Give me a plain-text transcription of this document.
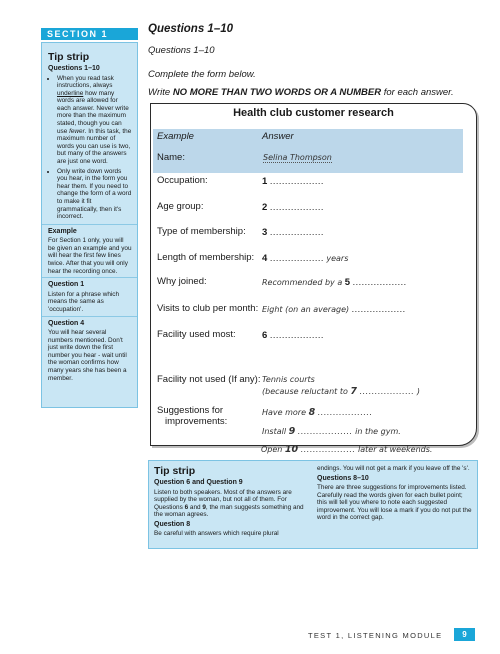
SECTION 1
Tip strip
Questions 1–10
• When you read task instructions, always underline how many words are allowed for each answer. Never write more than the maximum stated, though you can use fewer. In this task, the maximum number of words you can use is two, but many of the answers are just one word.
• Only write down words you hear, in the form you hear them. If you need to change the form of a word to make it fit grammatically, then it's incorrect.
Example
For Section 1 only, you will be given an example and you will hear the first few lines twice. After that you will only hear the recording once.
Question 1
Listen for a phrase which means the same as 'occupation'.
Question 4
You will hear several numbers mentioned. Don't just write down the first number you hear - wait until the woman confirms how many years she has been a member.
Questions 1–10
Questions 1–10
Complete the form below.
Write NO MORE THAN TWO WORDS OR A NUMBER for each answer.
Health club customer research
Example	Answer
Name:	Selina Thompson
Occupation:	1 ..................
Age group:	2 ..................
Type of membership: 3 ..................
Length of membership: 4 .................. years
Why joined:	Recommended by a 5 ..................
Visits to club per month: Eight (on an average) ..................
Facility used most:	6 ..................
Facility not used (If any): Tennis courts
(because reluctant to 7 .................. )
Suggestions for
improvements:
Have more 8 ..................
Install 9 .................. in the gym.
Open 10 .................. later at weekends.
Tip strip
Question 6 and Question 9
Listen to both speakers. Most of the answers are supplied by the woman, but not all of them. For Questions 6 and 9, the man suggests something and the woman agrees.
Question 8
Be careful with answers which require plural
endings. You will not get a mark if you leave off the 's'.
Questions 8–10
There are three suggestions for improvements listed. Carefully read the words given for each bullet point; this will tell you where to note each suggested improvement. You will lose a mark if you do not put the word in the correct gap.
TEST 1, LISTENING MODULE	9
